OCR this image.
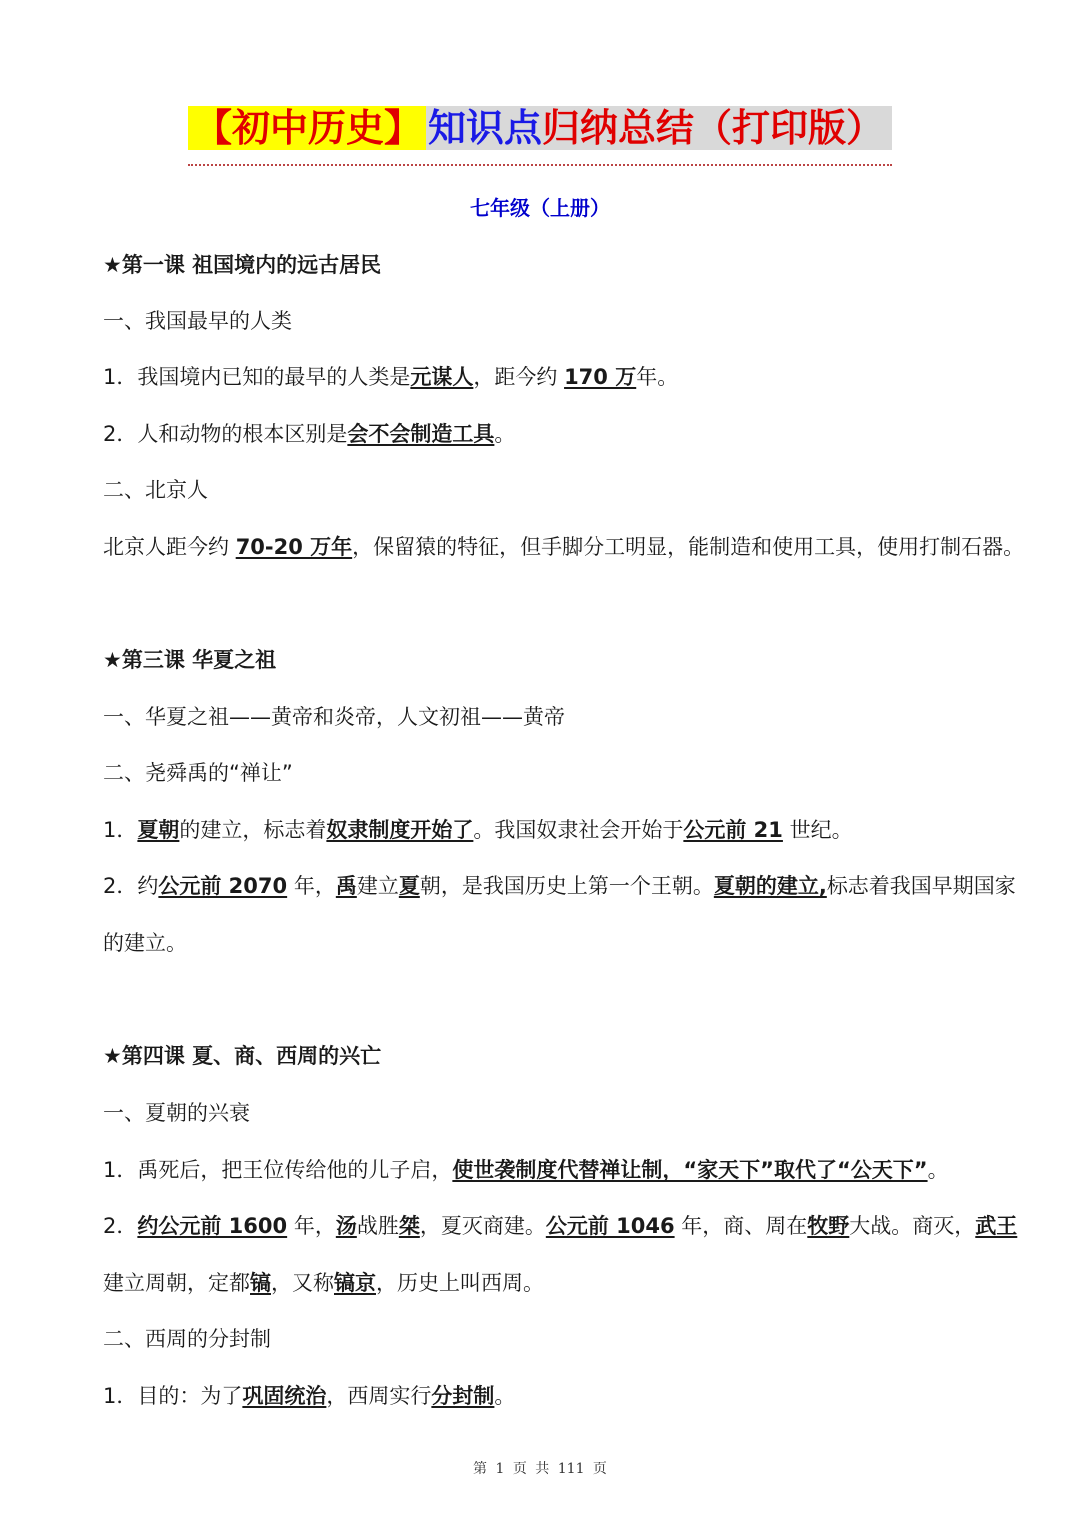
【初中历史】 知识点归纳总结（打印版）
七年级（上册）
★第一课 祖国境内的远古居民
一、我国最早的人类
1．我国境内已知的最早的人类是元谋人，距今约 170 万年。
2．人和动物的根本区别是会不会制造工具。
二、北京人
北京人距今约 70-20 万年，保留猿的特征，但手脚分工明显，能制造和使用工具，使用打制石器。
★第三课 华夏之祖
一、华夏之祖——黄帝和炎帝，人文初祖——黄帝
二、尧舜禹的“禅让”
1．夏朝的建立，标志着奴隶制度开始了。我国奴隶社会开始于公元前 21 世纪。
2．约公元前 2070 年，禹建立夏朝，是我国历史上第一个王朝。夏朝的建立,标志着我国早期国家
的建立。
★第四课 夏、商、西周的兴亡
一、夏朝的兴衰
1．禹死后，把王位传给他的儿子启，使世袭制度代替禅让制，“家天下”取代了“公天下”。
2．约公元前 1600 年，汤战胜桀，夏灭商建。公元前 1046 年，商、周在牧野大战。商灭，武王
建立周朝，定都镐，又称镐京，历史上叫西周。
二、西周的分封制
1．目的：为了巩固统治，西周实行分封制。
第 1 页 共 111 页
